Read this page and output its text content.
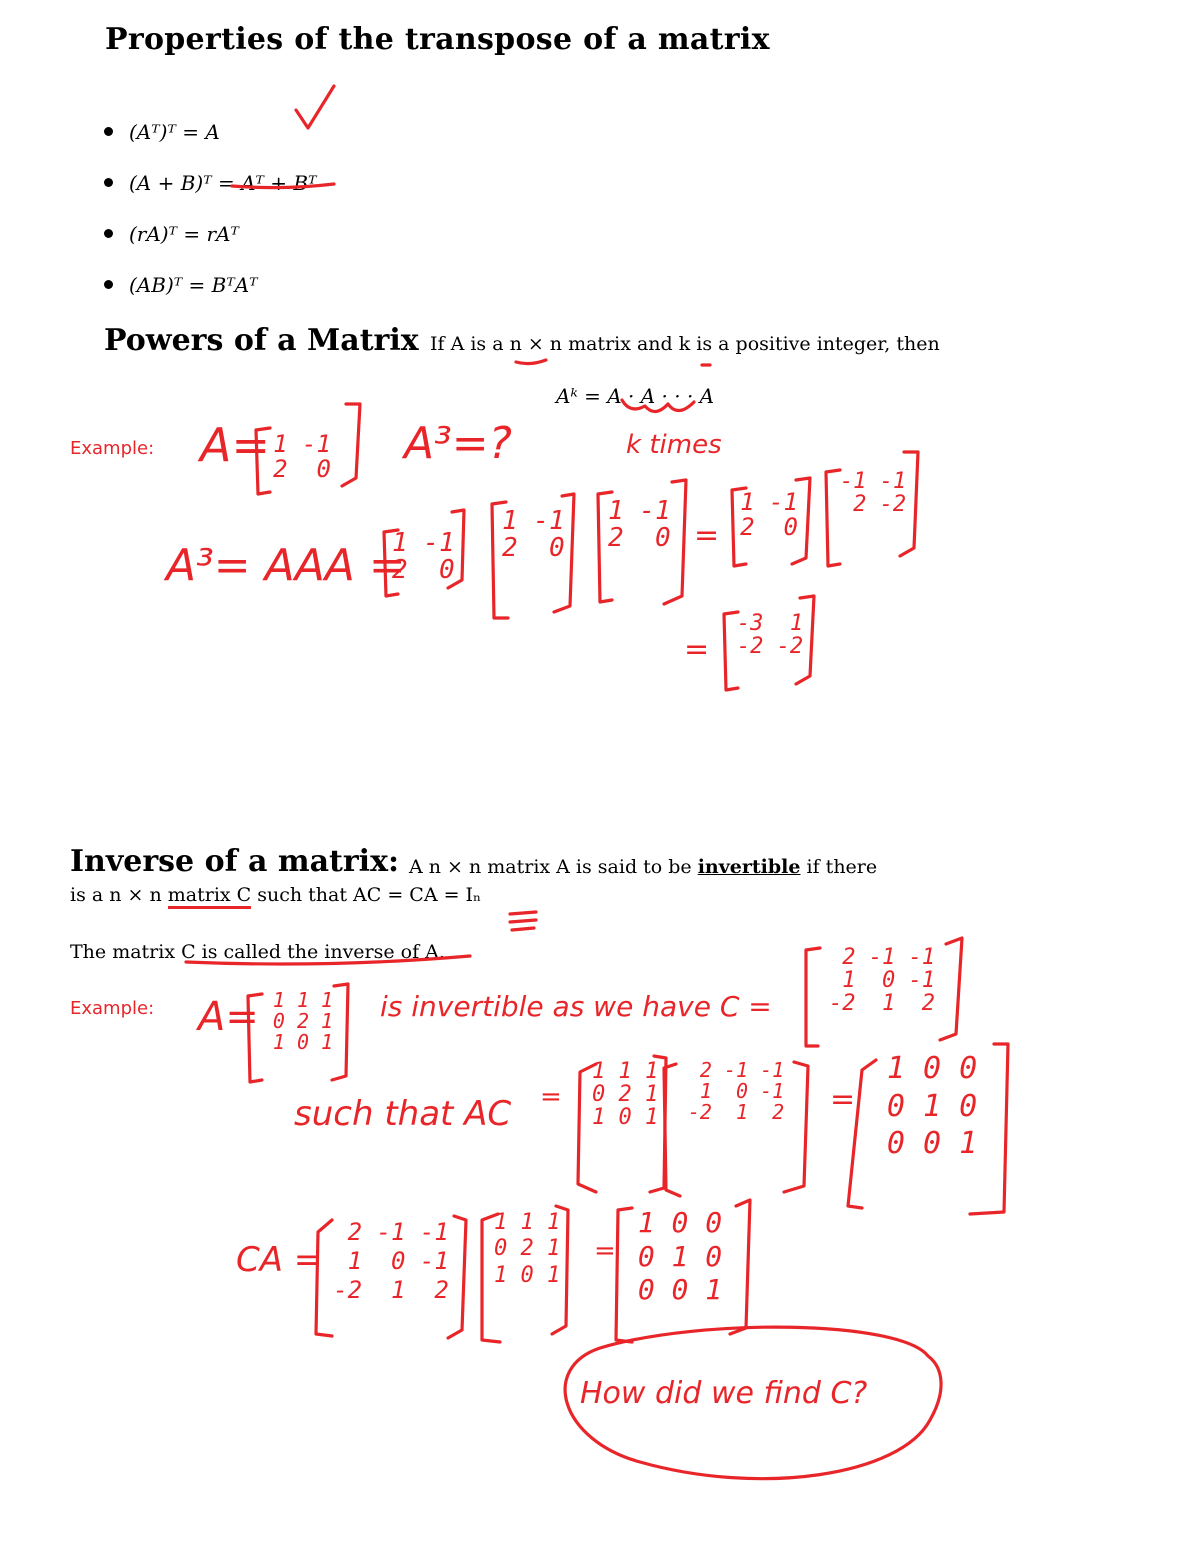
Properties of the transpose of a matrix
(Aᵀ)ᵀ = A
(A + B)ᵀ = Aᵀ + Bᵀ
(rA)ᵀ = rAᵀ
(AB)ᵀ = BᵀAᵀ
Powers of a Matrix If A is a n × n matrix and k is a positive integer, then
Aᵏ = A · A · · · A
Example: A= 1 -1
2  0
A³=?	k times
A³= AAA =
1 -1
2  0
1 -1
2  0
1 -1
2  0 =
1 -1
2  0
-1 -1
2 -2
=
-3  1
-2 -2
Inverse of a matrix: A n × n matrix A is said to be invertible if there
is a n × n matrix C such that AC = CA = Iₙ
The matrix C is called the inverse of A.
Example: A= 1 1 1
0 2 1
1 0 1
is invertible as we have C =
2 -1 -1
1  0 -1
-2  1  2
such that AC =
1 1 1
0 2 1
1 0 1
2 -1 -1
1  0 -1
-2  1  2	=
1 0 0
0 1 0
0 0 1
CA =
2 -1 -1
1  0 -1
-2  1  2
1 1 1
0 2 1
1 0 1
=
1 0 0
0 1 0
0 0 1
How did we find C?
